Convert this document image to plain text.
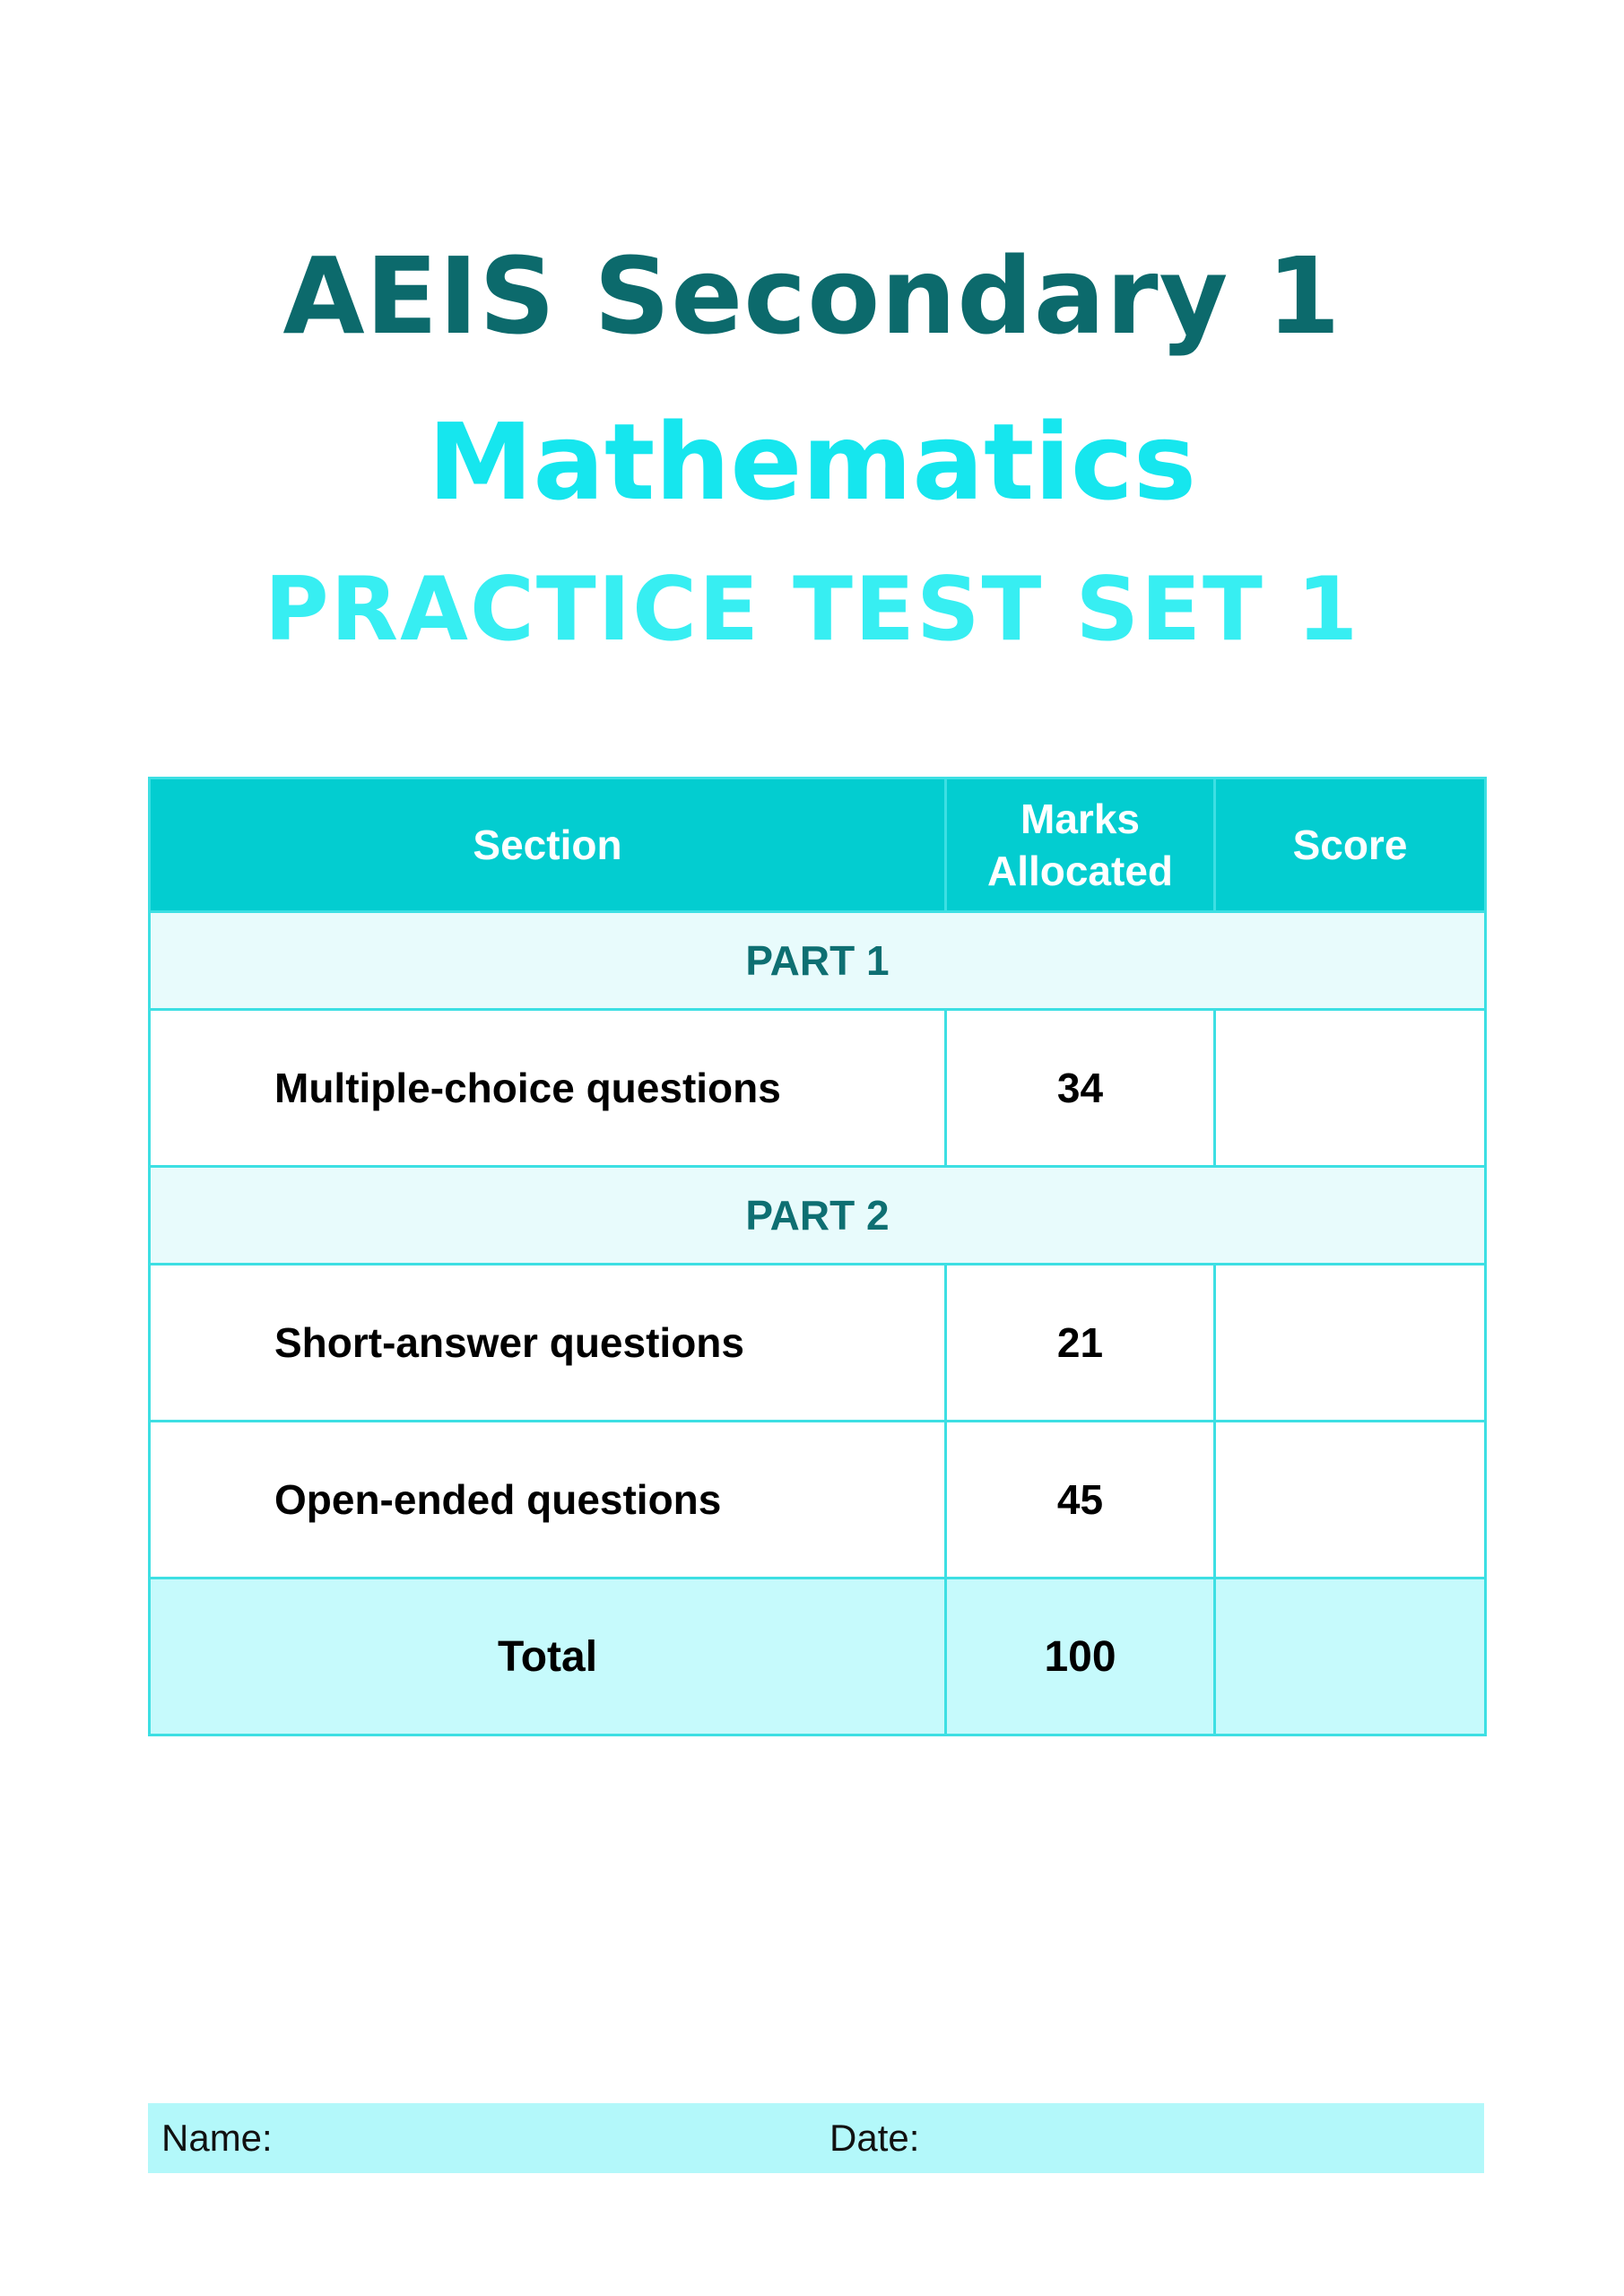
AEIS Secondary 1
Mathematics
PRACTICE TEST SET 1
Section	Marks Allocated	Score
PART 1		
Multiple-choice questions	34	
PART 2		
Short-answer questions	21	
Open-ended questions	45	
Total	100	
Name:	Date:
